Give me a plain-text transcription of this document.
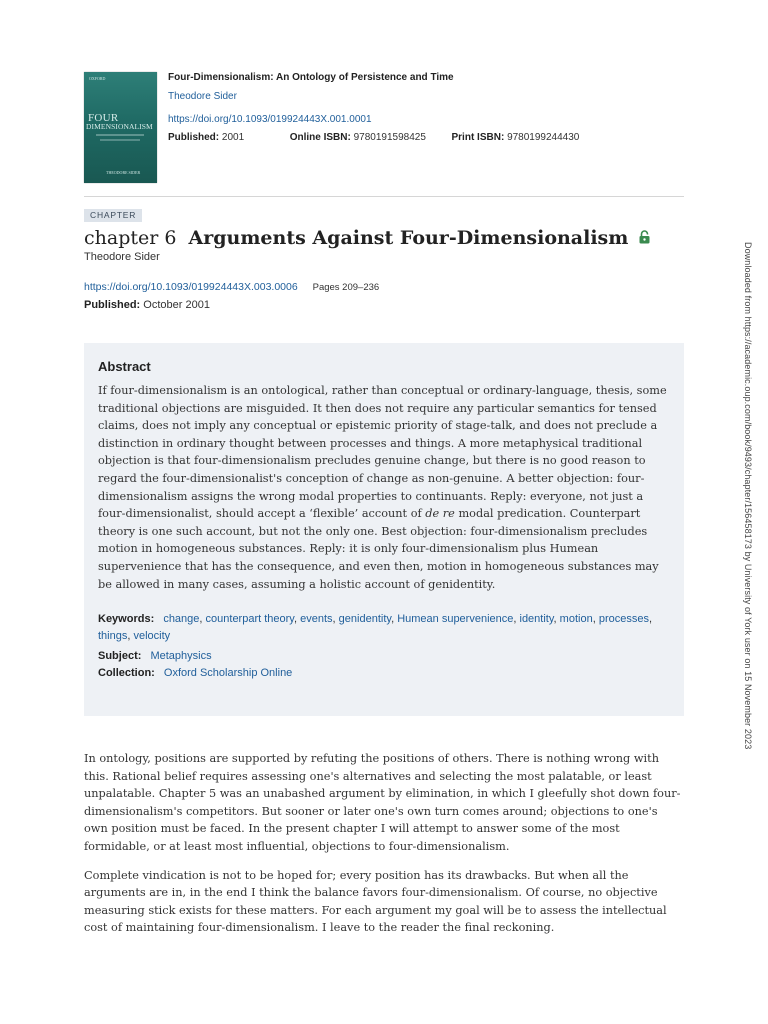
OXFORD
FOUR
DIMENSIONALISM
THEODORE SIDER
Four-Dimensionalism: An Ontology of Persistence and Time
Theodore Sider
https://doi.org/10.1093/019924443X.001.0001
Published: 2001	Online ISBN: 9780191598425	Print ISBN: 9780199244430
CHAPTER
chapter 6 Arguments Against Four-Dimensionalism
Theodore Sider
https://doi.org/10.1093/019924443X.003.0006 Pages 209–236
Published: October 2001
Abstract

If four-dimensionalism is an ontological, rather than conceptual or ordinary-language, thesis, some traditional objections are misguided. It then does not require any particular semantics for tensed claims, does not imply any conceptual or epistemic priority of stage-talk, and does not preclude a distinction in ordinary thought between processes and things. A more metaphysical traditional objection is that four-dimensionalism precludes genuine change, but there is no good reason to regard the four-dimensionalist's conception of change as non-genuine. A better objection: four-dimensionalism assigns the wrong modal properties to continuants. Reply: everyone, not just a four-dimensionalist, should accept a ‘flexible’ account of de re modal predication. Counterpart theory is one such account, but not the only one. Best objection: four-dimensionalism precludes motion in homogeneous substances. Reply: it is only four-dimensionalism plus Humean supervenience that has the consequence, and even then, motion in homogeneous substances may be allowed in many cases, assuming a holistic account of genidentity.

Keywords: change, counterpart theory, events, genidentity, Humean supervenience, identity, motion, processes, things, velocity
Subject: Metaphysics
Collection: Oxford Scholarship Online

In ontology, positions are supported by refuting the positions of others. There is nothing wrong with this. Rational belief requires assessing one's alternatives and selecting the most palatable, or least unpalatable. Chapter 5 was an unabashed argument by elimination, in which I gleefully shot down four-dimensionalism's competitors. But sooner or later one's own turn comes around; objections to one's own position must be faced. In the present chapter I will attempt to answer some of the most formidable, or at least most influential, objections to four-dimensionalism.

Complete vindication is not to be hoped for; every position has its drawbacks. But when all the arguments are in, in the end I think the balance favors four-dimensionalism. Of course, no objective measuring stick exists for these matters. For each argument my goal will be to assess the intellectual cost of maintaining four-dimensionalism. I leave to the reader the final reckoning.

Downloaded from https://academic.oup.com/book/9493/chapter/156458173 by University of York user on 15 November 2023
